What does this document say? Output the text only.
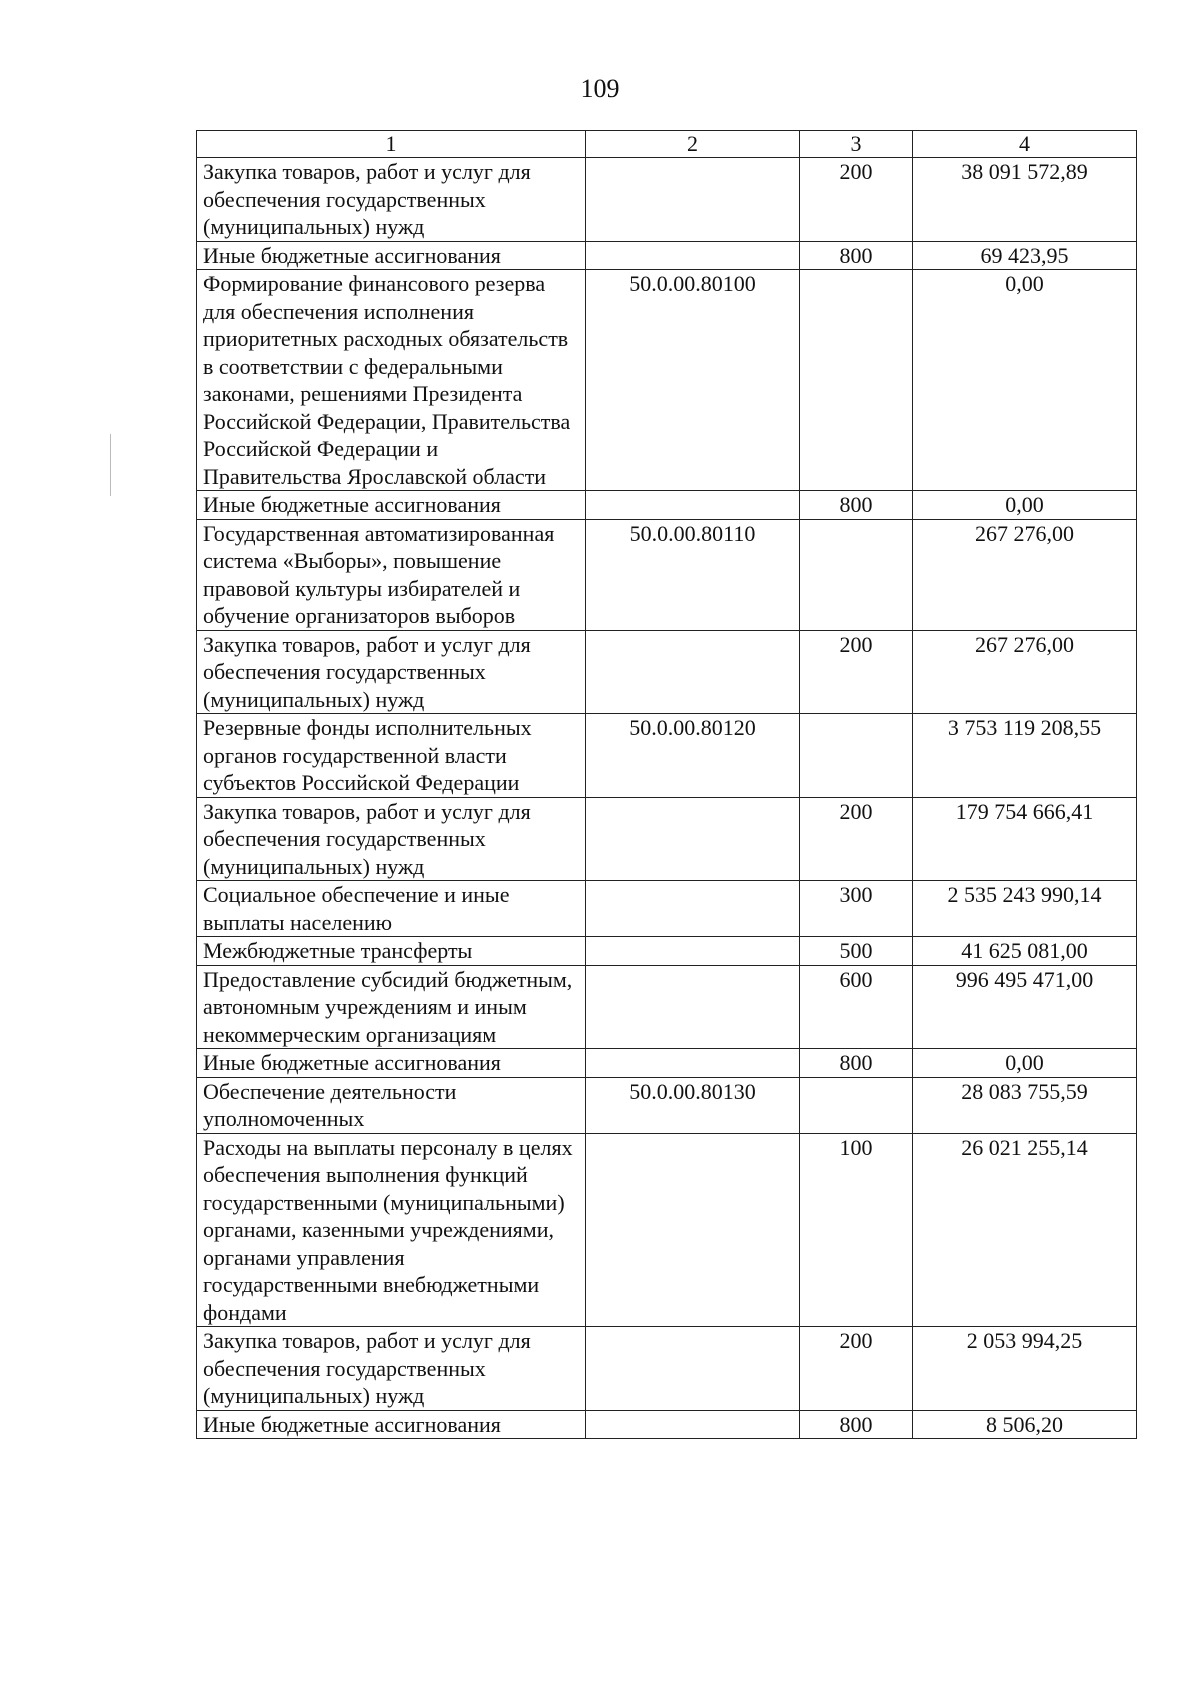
109
1	2	3	4
Закупка товаров, работ и услуг для обеспечения государственных (муниципальных) нужд		200	38 091 572,89
Иные бюджетные ассигнования		800	69 423,95
Формирование финансового резерва для обеспечения исполнения приоритетных расходных обязательств в соответствии с федеральными законами, решениями Президента Российской Федерации, Правительства Российской Федерации и Правительства Ярославской области	50.0.00.80100		0,00
Иные бюджетные ассигнования		800	0,00
Государственная автоматизированная система «Выборы», повышение правовой культуры избирателей и обучение организаторов выборов	50.0.00.80110		267 276,00
Закупка товаров, работ и услуг для обеспечения государственных (муниципальных) нужд		200	267 276,00
Резервные фонды исполнительных органов государственной власти субъектов Российской Федерации	50.0.00.80120		3 753 119 208,55
Закупка товаров, работ и услуг для обеспечения государственных (муниципальных) нужд		200	179 754 666,41
Социальное обеспечение и иные выплаты населению		300	2 535 243 990,14
Межбюджетные трансферты		500	41 625 081,00
Предоставление субсидий бюджетным, автономным учреждениям и иным некоммерческим организациям		600	996 495 471,00
Иные бюджетные ассигнования		800	0,00
Обеспечение деятельности уполномоченных	50.0.00.80130		28 083 755,59
Расходы на выплаты персоналу в целях обеспечения выполнения функций государственными (муниципальными) органами, казенными учреждениями, органами управления государственными внебюджетными фондами		100	26 021 255,14
Закупка товаров, работ и услуг для обеспечения государственных (муниципальных) нужд		200	2 053 994,25
Иные бюджетные ассигнования		800	8 506,20
